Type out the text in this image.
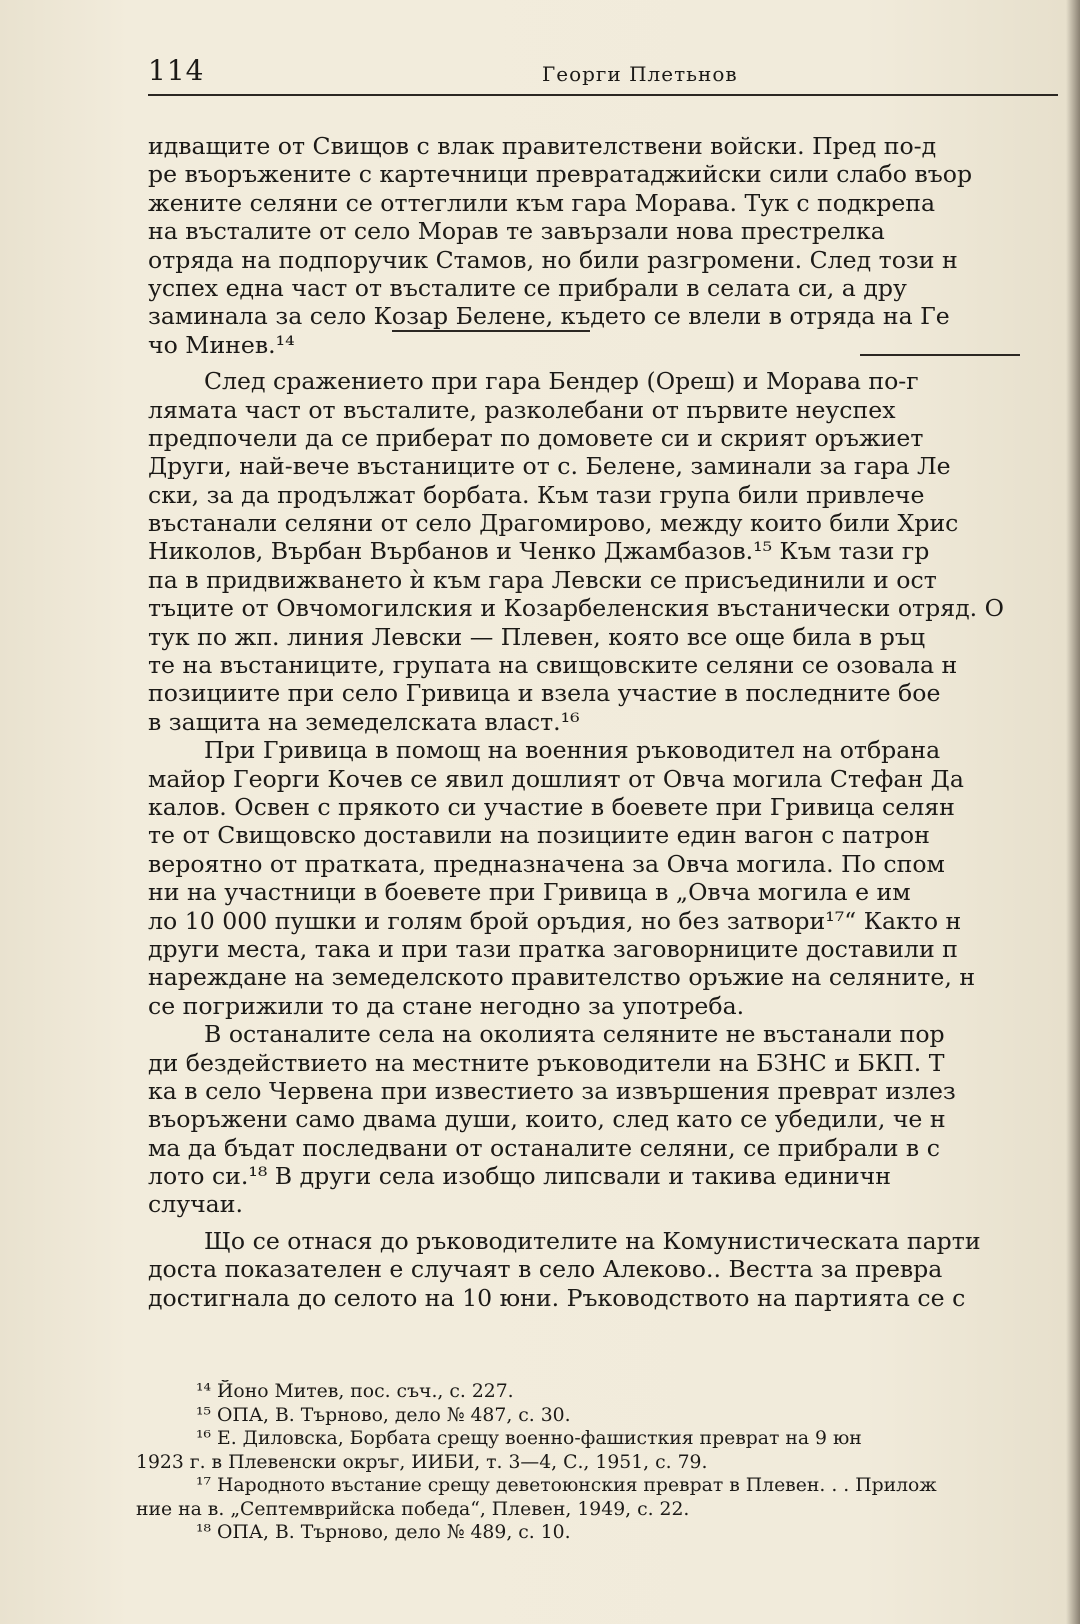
114	Георги Плетьнов
идващите от Свищов с влак правителствени войски. Пред по-д
ре въоръжените с картечници превратаджийски сили слабо въор
жените селяни се оттеглили към гара Морава. Тук с подкрепа
на въсталите от село Морав те завързали нова престрелка
отряда на подпоручик Стамов, но били разгромени. След този н
успех една част от въсталите се прибрали в селата си, а дру
заминала за село Козар Белене, където се влели в отряда на Ге
чо Минев.¹⁴
След сражението при гара Бендер (Ореш) и Морава по-г
лямата част от въсталите, разколебани от първите неуспех
предпочели да се приберат по домовете си и скрият оръжиет
Други, най-вече въстаниците от с. Белене, заминали за гара Ле
ски, за да продължат борбата. Към тази група били привлече
въстанали селяни от село Драгомирово, между които били Хрис
Николов, Върбан Върбанов и Ченко Джамбазов.¹⁵ Към тази гр
па в придвижването ѝ към гара Левски се присъединили и ост
тъците от Овчомогилския и Козарбеленския въстанически отряд. О
тук по жп. линия Левски — Плевен, която все още била в ръц
те на въстаниците, групата на свищовските селяни се озовала н
позициите при село Гривица и взела участие в последните бое
в защита на земеделската власт.¹⁶
При Гривица в помощ на военния ръководител на отбрана
майор Георги Кочев се явил дошлият от Овча могила Стефан Да
калов. Освен с прякото си участие в боевете при Гривица селян
те от Свищовско доставили на позициите един вагон с патрон
вероятно от пратката, предназначена за Овча могила. По спом
ни на участници в боевете при Гривица в „Овча могила е им
ло 10 000 пушки и голям брой оръдия, но без затвори¹⁷“ Както н
други места, така и при тази пратка заговорниците доставили п
нареждане на земеделското правителство оръжие на селяните, н
се погрижили то да стане негодно за употреба.
В останалите села на околията селяните не въстанали пор
ди бездействието на местните ръководители на БЗНС и БКП. Т
ка в село Червена при известието за извършения преврат излез
въоръжени само двама души, които, след като се убедили, че н
ма да бъдат последвани от останалите селяни, се прибрали в с
лото си.¹⁸ В други села изобщо липсвали и такива единичн
случаи.
Що се отнася до ръководителите на Комунистическата парти
доста показателен е случаят в село Алеково.. Вестта за превра
достигнала до селото на 10 юни. Ръководството на партията се с
¹⁴ Йоно Митев, пос. съч., с. 227.
¹⁵ ОПА, В. Търново, дело № 487, с. 30.
¹⁶ Е. Диловска, Борбата срещу военно-фашисткия преврат на 9 юн
1923 г. в Плевенски окръг, ИИБИ, т. 3—4, С., 1951, с. 79.
¹⁷ Народното въстание срещу деветоюнския преврат в Плевен. . . Прилож
ние на в. „Септемврийска победа“, Плевен, 1949, с. 22.
¹⁸ ОПА, В. Търново, дело № 489, с. 10.
